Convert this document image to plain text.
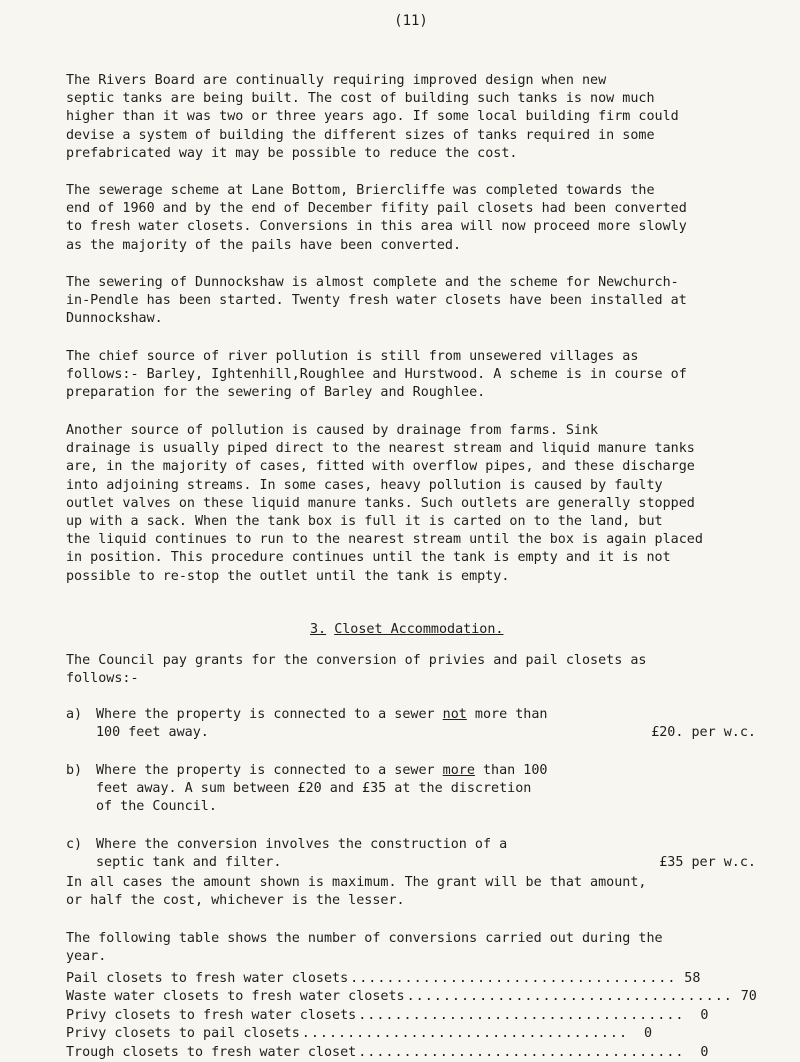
(11)
The Rivers Board are continually requiring improved design when new
septic tanks are being built. The cost of building such tanks is now much
higher than it was two or three years ago. If some local building firm could
devise a system of building the different sizes of tanks required in some
prefabricated way it may be possible to reduce the cost.
The sewerage scheme at Lane Bottom, Briercliffe was completed towards the
end of 1960 and by the end of December fifity pail closets had been converted
to fresh water closets. Conversions in this area will now proceed more slowly
as the majority of the pails have been converted.
The sewering of Dunnockshaw is almost complete and the scheme for Newchurch-
in-Pendle has been started. Twenty fresh water closets have been installed at
Dunnockshaw.
The chief source of river pollution is still from unsewered villages as
follows:- Barley, Ightenhill,Roughlee and Hurstwood. A scheme is in course of
preparation for the sewering of Barley and Roughlee.
Another source of pollution is caused by drainage from farms. Sink
drainage is usually piped direct to the nearest stream and liquid manure tanks
are, in the majority of cases, fitted with overflow pipes, and these discharge
into adjoining streams. In some cases, heavy pollution is caused by faulty
outlet valves on these liquid manure tanks. Such outlets are generally stopped
up with a sack. When the tank box is full it is carted on to the land, but
the liquid continues to run to the nearest stream until the box is again placed
in position. This procedure continues until the tank is empty and it is not
possible to re-stop the outlet until the tank is empty.
3. Closet Accommodation.
The Council pay grants for the conversion of privies and pail closets as
follows:-
a) Where the property is connected to a sewer not more than
100 feet away.	£20. per w.c.
b) Where the property is connected to a sewer more than 100
feet away. A sum between £20 and £35 at the discretion
of the Council.
c) Where the conversion involves the construction of a
septic tank and filter.	£35 per w.c.
In all cases the amount shown is maximum. The grant will be that amount,
or half the cost, whichever is the lesser.
The following table shows the number of conversions carried out during the
year.
Pail closets to fresh water closets .................................... 58
Waste water closets to fresh water closets .................................... 70
Privy closets to fresh water closets ....................................	0
Privy closets to pail closets ....................................	0
Trough closets to fresh water closet ....................................	0
